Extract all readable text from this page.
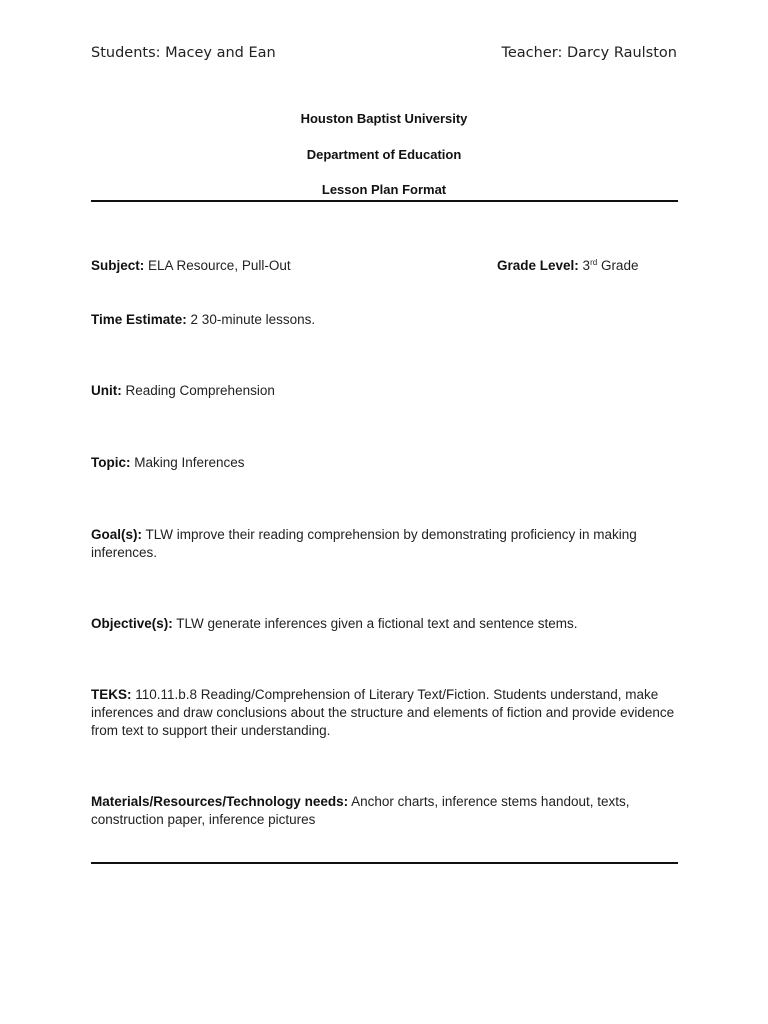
Students: Macey and Ean	Teacher: Darcy Raulston
Houston Baptist University
Department of Education
Lesson Plan Format
Subject: ELA Resource, Pull-Out	Grade Level: 3rd Grade
Time Estimate: 2 30-minute lessons.
Unit: Reading Comprehension
Topic: Making Inferences
Goal(s): TLW improve their reading comprehension by demonstrating proficiency in making inferences.
Objective(s): TLW generate inferences given a fictional text and sentence stems.
TEKS: 110.11.b.8 Reading/Comprehension of Literary Text/Fiction. Students understand, make inferences and draw conclusions about the structure and elements of fiction and provide evidence from text to support their understanding.
Materials/Resources/Technology needs: Anchor charts, inference stems handout, texts, construction paper, inference pictures
